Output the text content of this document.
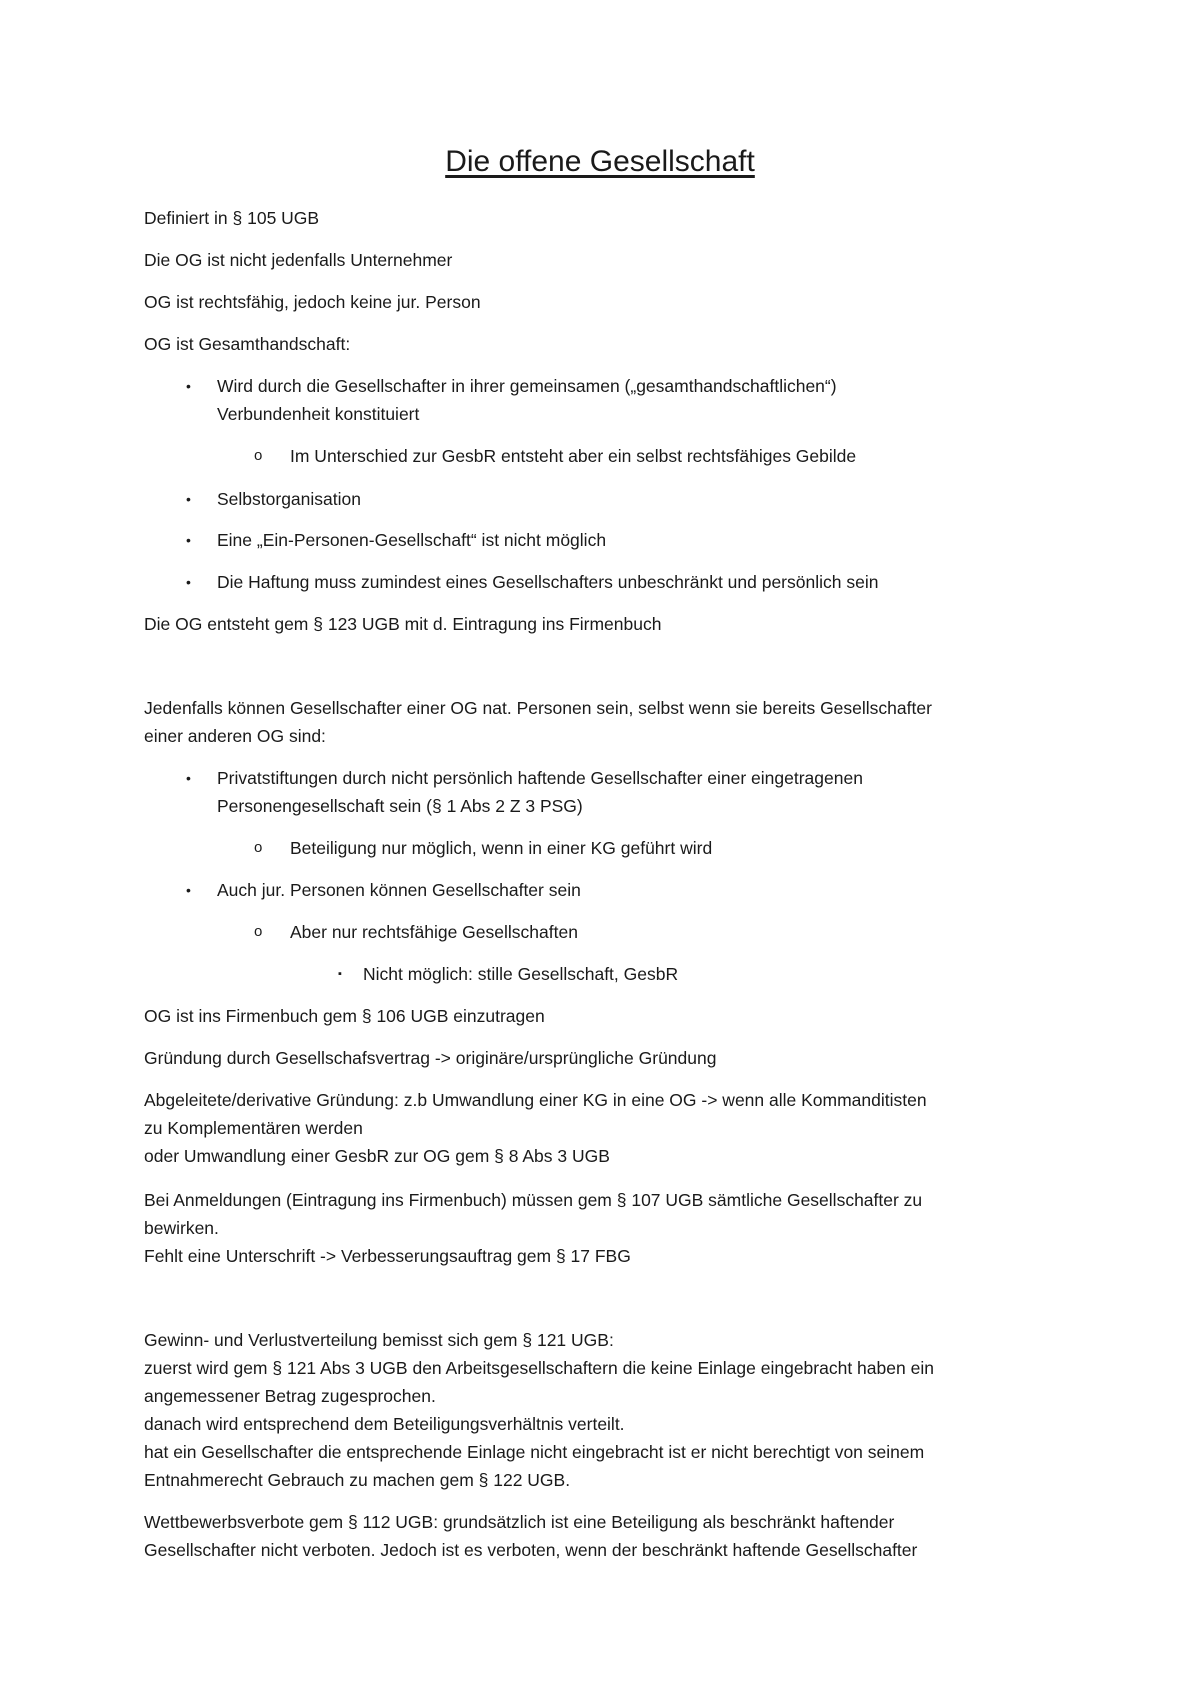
Die offene Gesellschaft
Definiert in § 105 UGB
Die OG ist nicht jedenfalls Unternehmer
OG ist rechtsfähig, jedoch keine jur. Person
OG ist Gesamthandschaft:
• Wird durch die Gesellschafter in ihrer gemeinsamen („gesamthandschaftlichen“)
Verbundenheit konstituiert
o Im Unterschied zur GesbR entsteht aber ein selbst rechtsfähiges Gebilde
• Selbstorganisation
• Eine „Ein-Personen-Gesellschaft“ ist nicht möglich
• Die Haftung muss zumindest eines Gesellschafters unbeschränkt und persönlich sein
Die OG entsteht gem § 123 UGB mit d. Eintragung ins Firmenbuch
Jedenfalls können Gesellschafter einer OG nat. Personen sein, selbst wenn sie bereits Gesellschafter
einer anderen OG sind:
• Privatstiftungen durch nicht persönlich haftende Gesellschafter einer eingetragenen
Personengesellschaft sein (§ 1 Abs 2 Z 3 PSG)
o Beteiligung nur möglich, wenn in einer KG geführt wird
• Auch jur. Personen können Gesellschafter sein
o Aber nur rechtsfähige Gesellschaften
▪ Nicht möglich: stille Gesellschaft, GesbR
OG ist ins Firmenbuch gem § 106 UGB einzutragen
Gründung durch Gesellschafsvertrag -> originäre/ursprüngliche Gründung
Abgeleitete/derivative Gründung: z.b Umwandlung einer KG in eine OG -> wenn alle Kommanditisten
zu Komplementären werden
oder Umwandlung einer GesbR zur OG gem § 8 Abs 3 UGB
Bei Anmeldungen (Eintragung ins Firmenbuch) müssen gem § 107 UGB sämtliche Gesellschafter zu
bewirken.
Fehlt eine Unterschrift -> Verbesserungsauftrag gem § 17 FBG
Gewinn- und Verlustverteilung bemisst sich gem § 121 UGB:
zuerst wird gem § 121 Abs 3 UGB den Arbeitsgesellschaftern die keine Einlage eingebracht haben ein
angemessener Betrag zugesprochen.
danach wird entsprechend dem Beteiligungsverhältnis verteilt.
hat ein Gesellschafter die entsprechende Einlage nicht eingebracht ist er nicht berechtigt von seinem
Entnahmerecht Gebrauch zu machen gem § 122 UGB.
Wettbewerbsverbote gem § 112 UGB: grundsätzlich ist eine Beteiligung als beschränkt haftender
Gesellschafter nicht verboten. Jedoch ist es verboten, wenn der beschränkt haftende Gesellschafter
